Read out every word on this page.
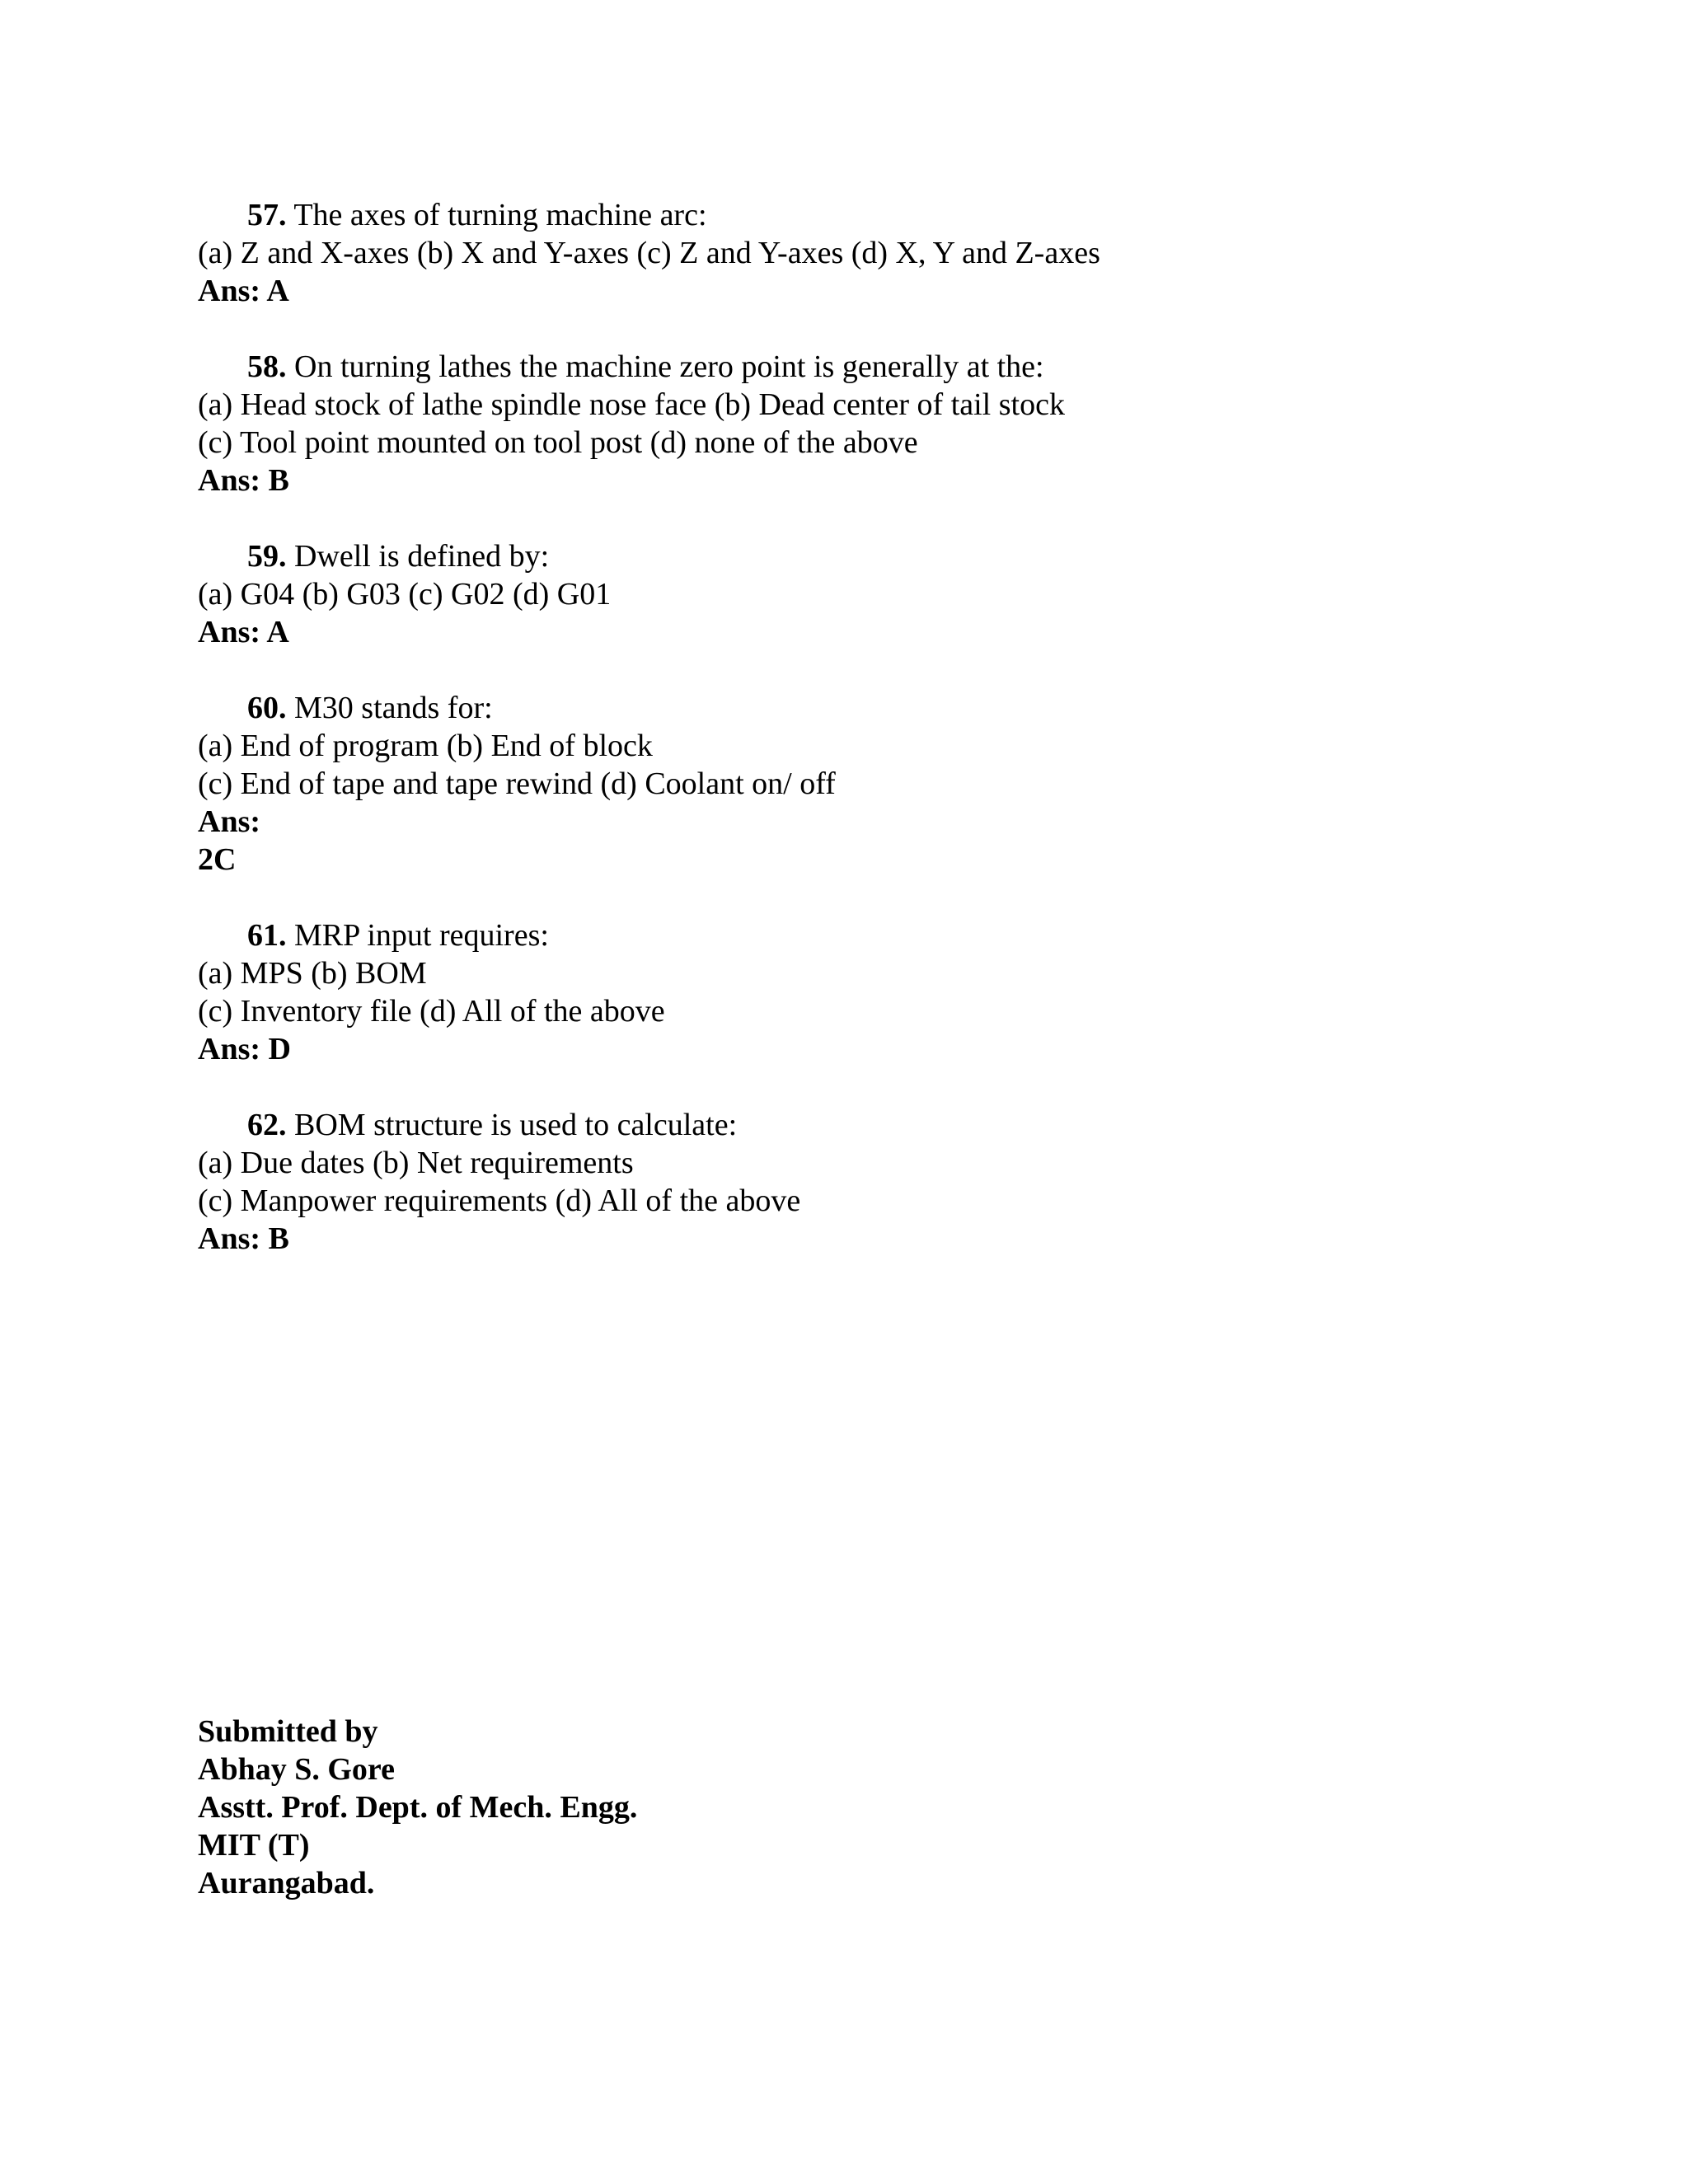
57. The axes of turning machine arc:
(a) Z and X-axes (b) X and Y-axes (c) Z and Y-axes (d) X, Y and Z-axes
Ans: A
58. On turning lathes the machine zero point is generally at the:
(a) Head stock of lathe spindle nose face (b) Dead center of tail stock
(c) Tool point mounted on tool post (d) none of the above
Ans: B
59. Dwell is defined by:
(a) G04 (b) G03 (c) G02 (d) G01
Ans: A
60. M30 stands for:
(a) End of program (b) End of block
(c) End of tape and tape rewind (d) Coolant on/ off
Ans:
2C
61. MRP input requires:
(a) MPS (b) BOM
(c) Inventory file (d) All of the above
Ans: D
62. BOM structure is used to calculate:
(a) Due dates (b) Net requirements
(c) Manpower requirements (d) All of the above
Ans: B
Submitted by
Abhay S. Gore
Asstt. Prof. Dept. of Mech. Engg.
MIT (T)
Aurangabad.
